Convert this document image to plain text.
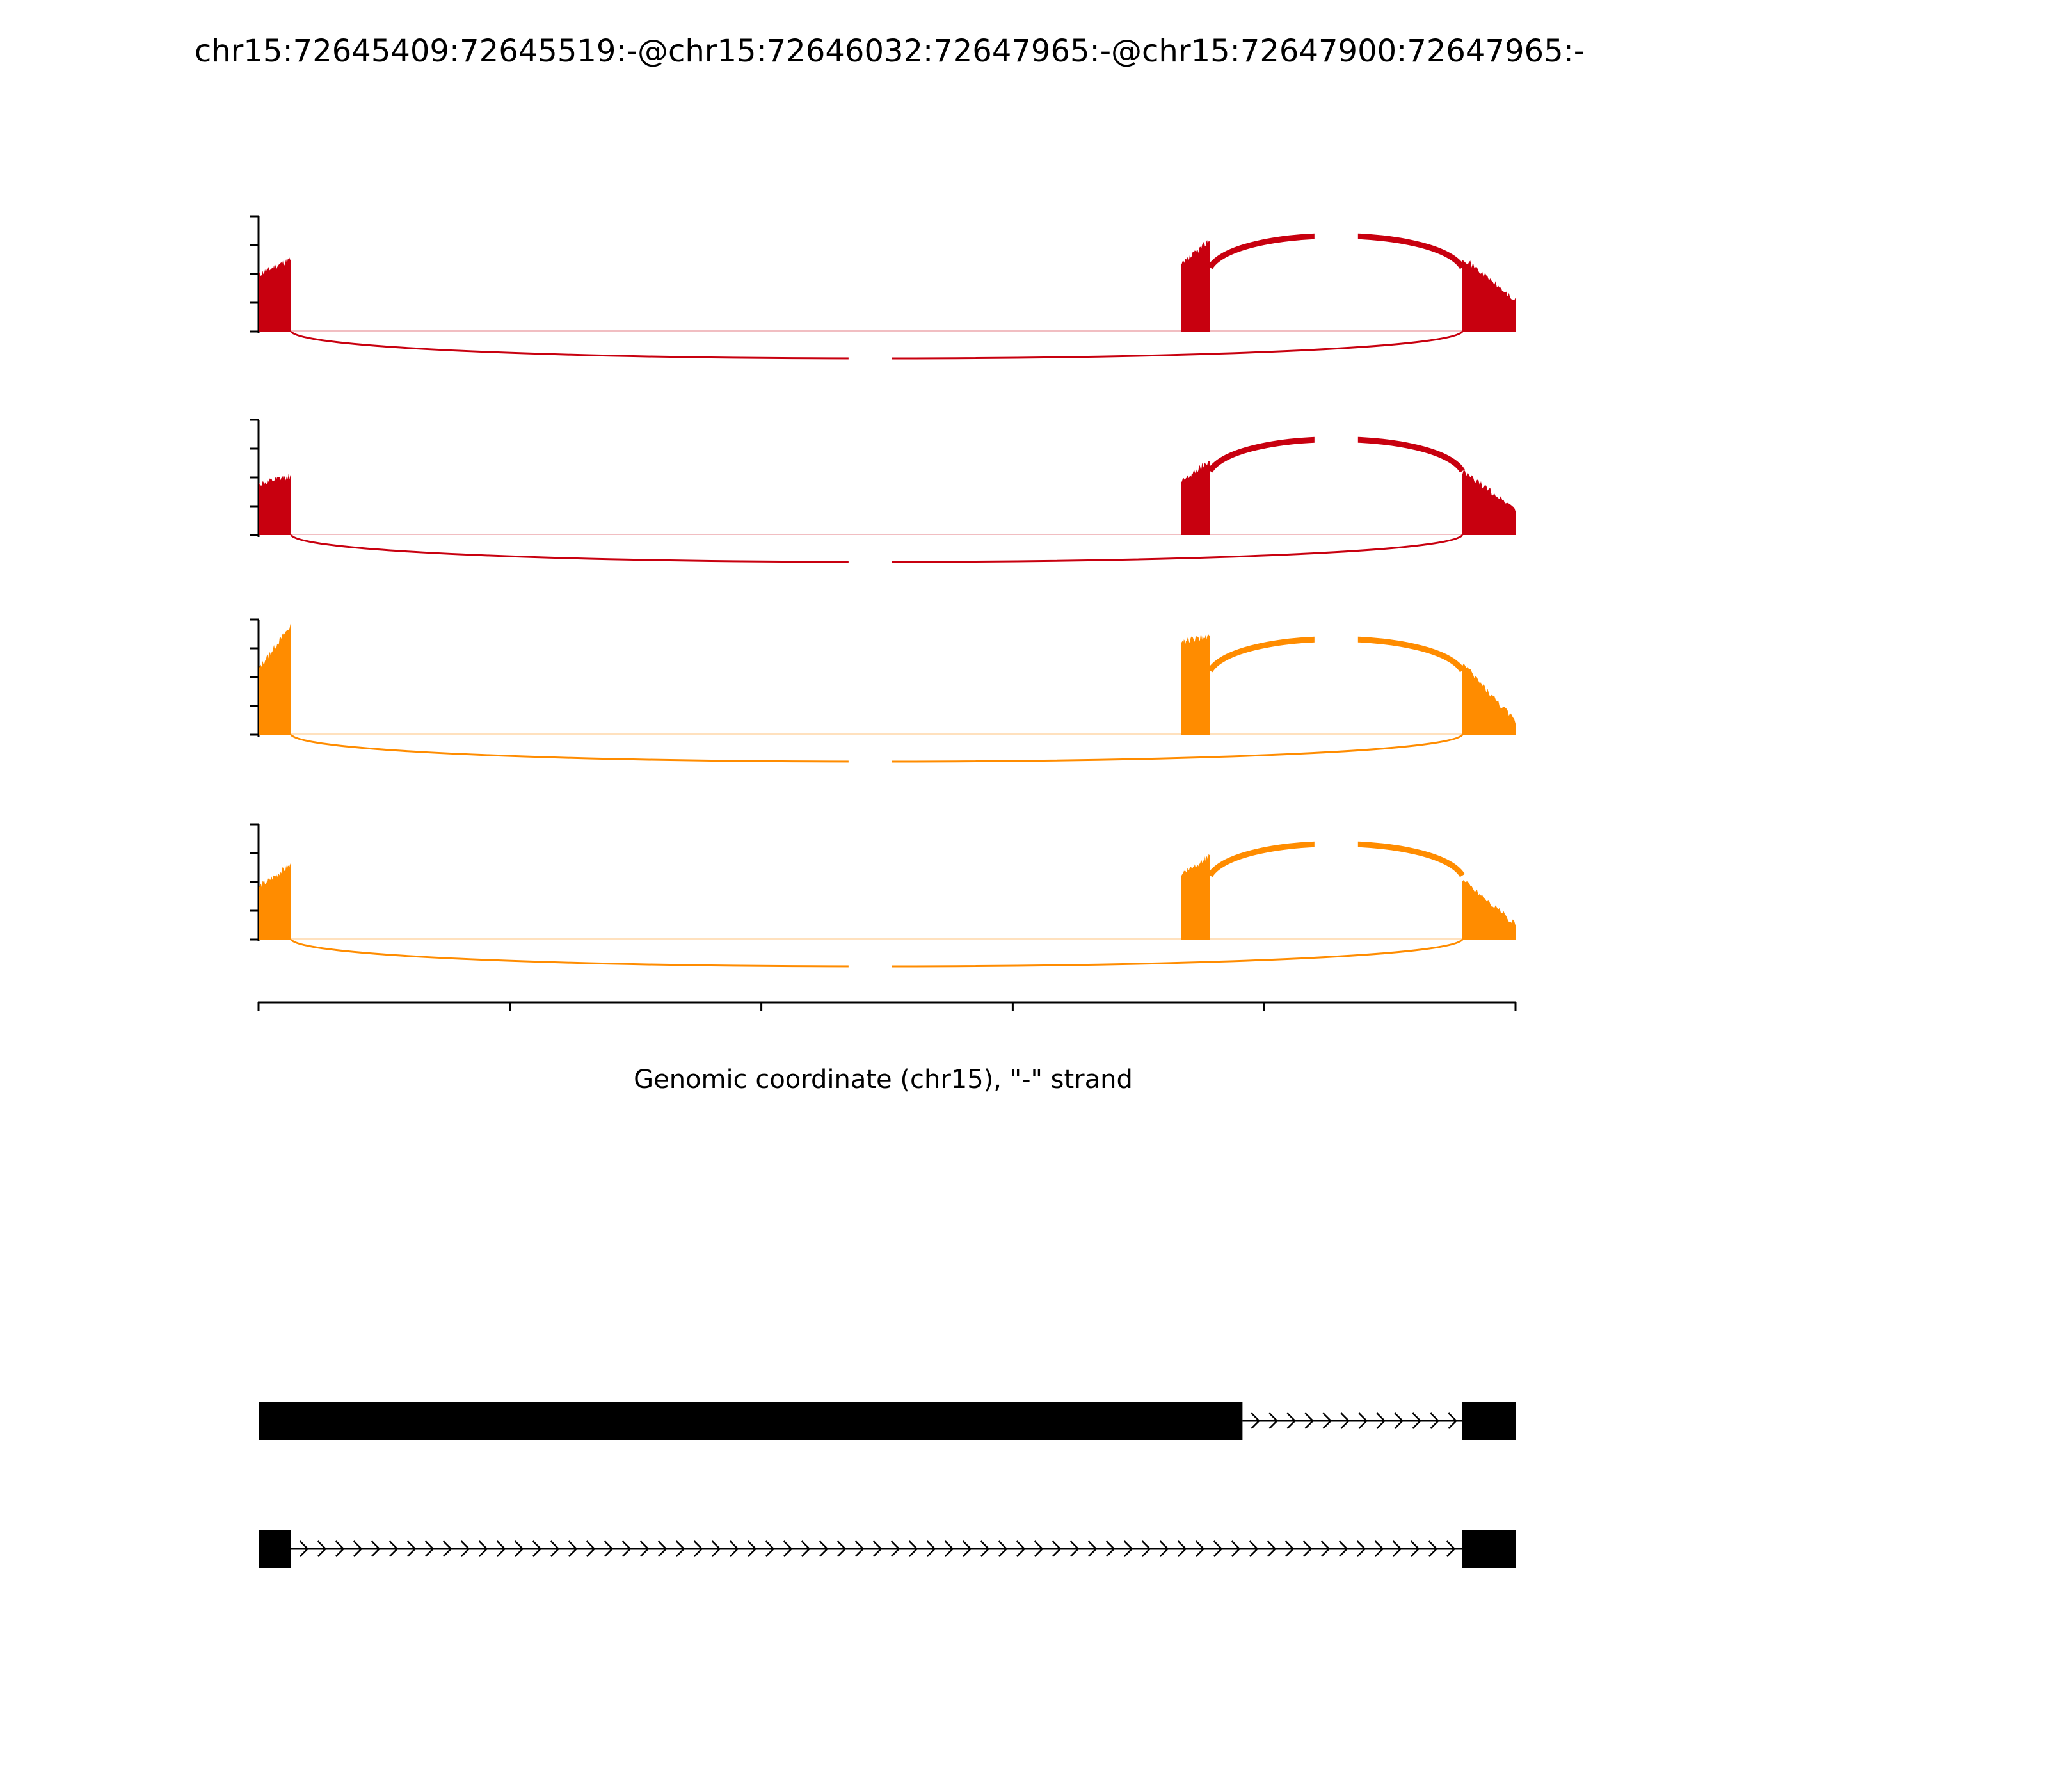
chr15:72645409:72645519:-@chr15:72646032:72647965:-@chr15:72647900:72647965:-
Genomic coordinate (chr15), "-" strand
